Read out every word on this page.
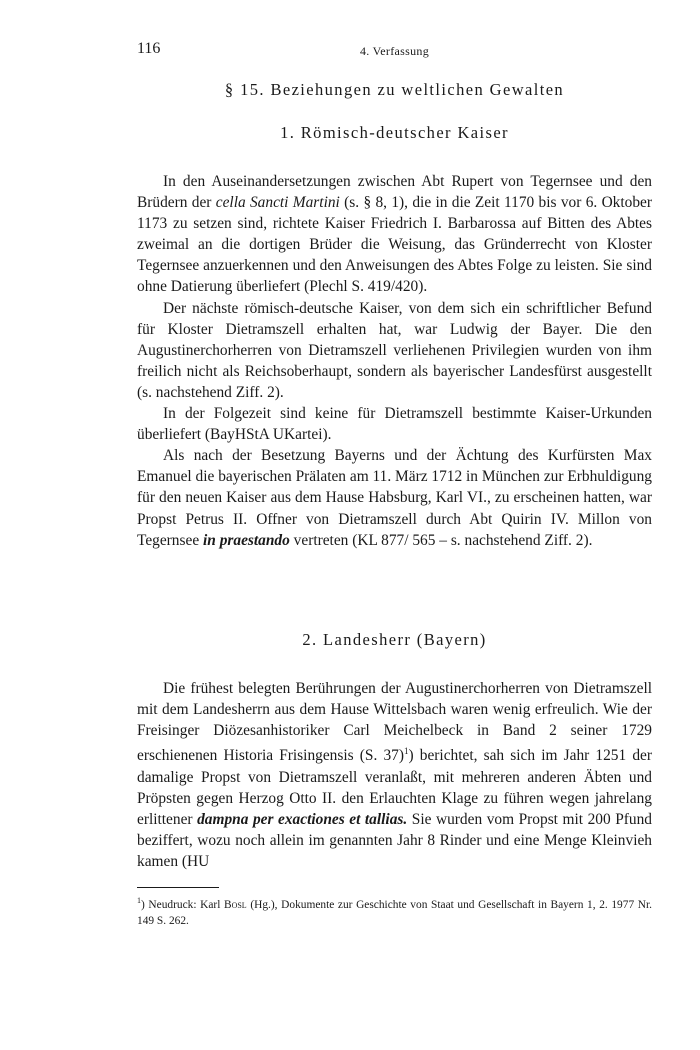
116	4. Verfassung
§ 15. Beziehungen zu weltlichen Gewalten
1. Römisch-deutscher Kaiser

In den Auseinandersetzungen zwischen Abt Rupert von Tegernsee und den Brüdern der cella Sancti Martini (s. § 8, 1), die in die Zeit 1170 bis vor 6. Oktober 1173 zu setzen sind, richtete Kaiser Friedrich I. Barbarossa auf Bitten des Abtes zweimal an die dortigen Brüder die Weisung, das Gründerrecht von Kloster Tegernsee anzuerkennen und den Anweisungen des Abtes Folge zu leisten. Sie sind ohne Datierung überliefert (Plechl S. 419/420).

Der nächste römisch-deutsche Kaiser, von dem sich ein schriftlicher Befund für Kloster Dietramszell erhalten hat, war Ludwig der Bayer. Die den Augustinerchorherren von Dietramszell verliehenen Privilegien wurden von ihm freilich nicht als Reichsoberhaupt, sondern als bayerischer Landesfürst ausgestellt (s. nachstehend Ziff. 2).

In der Folgezeit sind keine für Dietramszell bestimmte Kaiser-Urkunden überliefert (BayHStA UKartei).

Als nach der Besetzung Bayerns und der Ächtung des Kurfürsten Max Emanuel die bayerischen Prälaten am 11. März 1712 in München zur Erbhuldigung für den neuen Kaiser aus dem Hause Habsburg, Karl VI., zu erscheinen hatten, war Propst Petrus II. Offner von Dietramszell durch Abt Quirin IV. Millon von Tegernsee in praestando vertreten (KL 877/ 565 – s. nachstehend Ziff. 2).

2. Landesherr (Bayern)

Die frühest belegten Berührungen der Augustinerchorherren von Dietramszell mit dem Landesherrn aus dem Hause Wittelsbach waren wenig erfreulich. Wie der Freisinger Diözesanhistoriker Carl Meichelbeck in Band 2 seiner 1729 erschienenen Historia Frisingensis (S. 37)$^1$) berichtet, sah sich im Jahr 1251 der damalige Propst von Dietramszell veranlaßt, mit mehreren anderen Äbten und Pröpsten gegen Herzog Otto II. den Erlauchten Klage zu führen wegen jahrelang erlittener dampna per exactiones et tallias. Sie wurden vom Propst mit 200 Pfund beziffert, wozu noch allein im genannten Jahr 8 Rinder und eine Menge Kleinvieh kamen (HU

$^1$) Neudruck: Karl Bosl (Hg.), Dokumente zur Geschichte von Staat und Gesellschaft in Bayern 1, 2. 1977 Nr. 149 S. 262.
